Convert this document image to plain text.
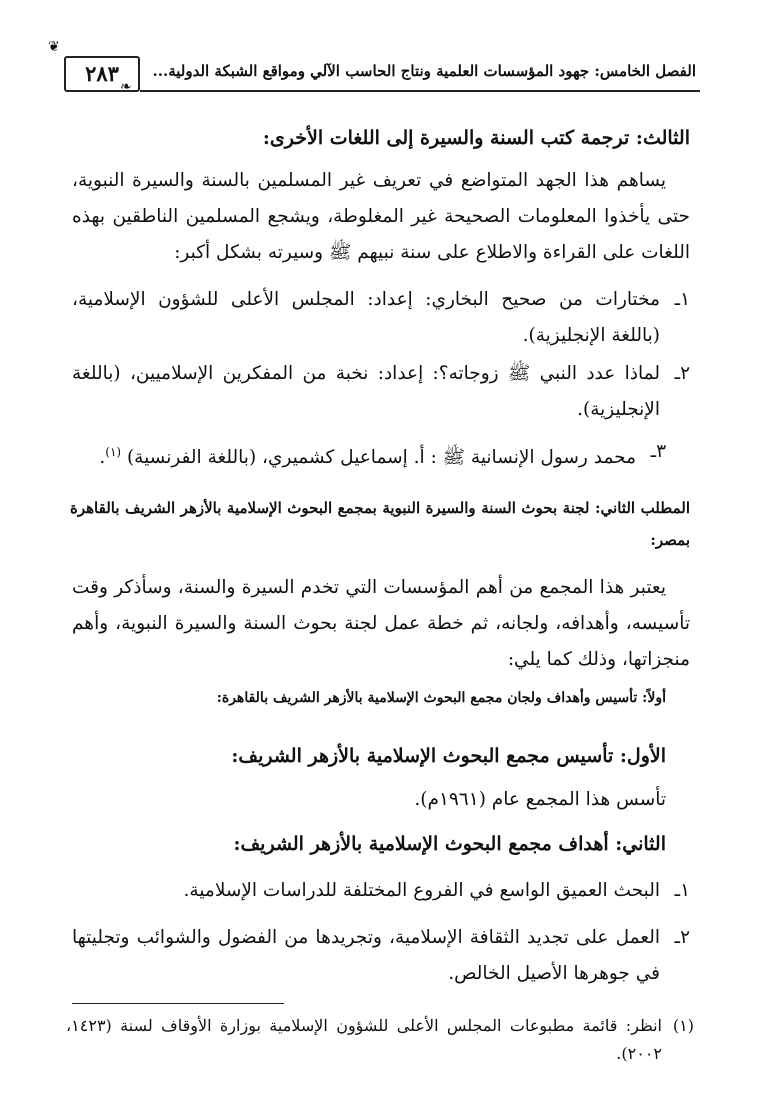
الفصل الخامس: جهود المؤسسات العلمية ونتاج الحاسب الآلي ومواقع الشبكة الدولية...
٢٨٣
❦
❧
الثالث: ترجمة كتب السنة والسيرة إلى اللغات الأخرى:
يساهم هذا الجهد المتواضع في تعريف غير المسلمين بالسنة والسيرة النبوية، حتى يأخذوا المعلومات الصحيحة غير المغلوطة، ويشجع المسلمين الناطقين بهذه اللغات على القراءة والاطلاع على سنة نبيهم ﷺ وسيرته بشكل أكبر:
١ـ
مختارات من صحيح البخاري: إعداد: المجلس الأعلى للشؤون الإسلامية، (باللغة الإنجليزية).
٢ـ
لماذا عدد النبي ﷺ زوجاته؟: إعداد: نخبة من المفكرين الإسلاميين، (باللغة الإنجليزية).
٣ـ
محمد رسول الإنسانية ﷺ : أ. إسماعيل كشميري، (باللغة الفرنسية) $^{(١)}$.
المطلب الثاني: لجنة بحوث السنة والسيرة النبوية بمجمع البحوث الإسلامية بالأزهر الشريف بالقاهرة بمصر:
يعتبر هذا المجمع من أهم المؤسسات التي تخدم السيرة والسنة، وسأذكر وقت تأسيسه، وأهدافه، ولجانه، ثم خطة عمل لجنة بحوث السنة والسيرة النبوية، وأهم منجزاتها، وذلك كما يلي:
أولاً: تأسيس وأهداف ولجان مجمع البحوث الإسلامية بالأزهر الشريف بالقاهرة:
الأول: تأسيس مجمع البحوث الإسلامية بالأزهر الشريف:
تأسس هذا المجمع عام (١٩٦١م).
الثاني: أهداف مجمع البحوث الإسلامية بالأزهر الشريف:
١ـ
البحث العميق الواسع في الفروع المختلفة للدراسات الإسلامية.
٢ـ
العمل على تجديد الثقافة الإسلامية، وتجريدها من الفضول والشوائب وتجليتها في جوهرها الأصيل الخالص.
(١)
انظر: قائمة مطبوعات المجلس الأعلى للشؤون الإسلامية بوزارة الأوقاف لسنة (١٤٢٣، ٢٠٠٢).
